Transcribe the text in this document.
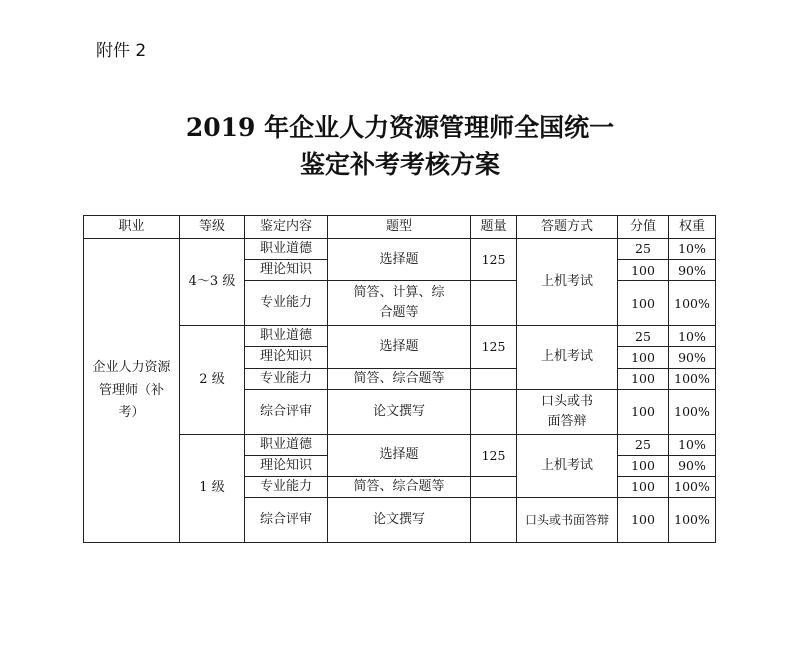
附件 2
2019 年企业人力资源管理师全国统一
鉴定补考考核方案
职业	等级	鉴定内容	题型	题量	答题方式	分值	权重

企业人力资源管理师（补考）	4～3 级	职业道德	选择题	125	上机考试	25	10%
		理论知识				100	90%
		专业能力	简答、计算、综合题等			100	100%
	2 级	职业道德	选择题	125	上机考试	25	10%
		理论知识				100	90%
		专业能力	简答、综合题等			100	100%
		综合评审	论文撰写		口头或书面答辩	100	100%
	1 级	职业道德	选择题	125	上机考试	25	10%
		理论知识				100	90%
		专业能力	简答、综合题等			100	100%
		综合评审	论文撰写		口头或书面答辩	100	100%
